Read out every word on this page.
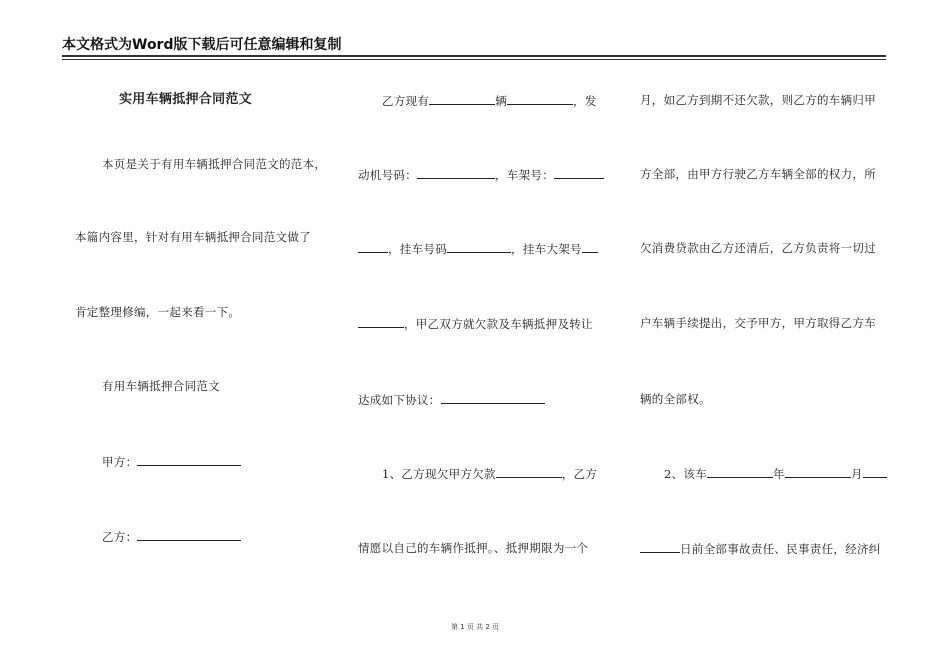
本文格式为Word版下载后可任意编辑和复制
实用车辆抵押合同范文
本页是关于有用车辆抵押合同范文的范本，
本篇内容里，针对有用车辆抵押合同范文做了
肯定整理修编，一起来看一下。
有用车辆抵押合同范文
甲方：
乙方：
乙方现有	辆	，发
动机号码：	，车架号：
，挂车号码	，挂车大架号
，甲乙双方就欠款及车辆抵押及转让
达成如下协议：
1、乙方现欠甲方欠款	，乙方
情愿以自己的车辆作抵押。、抵押期限为一个
月，如乙方到期不还欠款，则乙方的车辆归甲
方全部，由甲方行驶乙方车辆全部的权力，所
欠消费贷款由乙方还清后，乙方负责将一切过
户车辆手续提出，交予甲方，甲方取得乙方车
辆的全部权。
2、该车	年	月
日前全部事故责任、民事责任，经济纠
第 1 页 共 2 页
